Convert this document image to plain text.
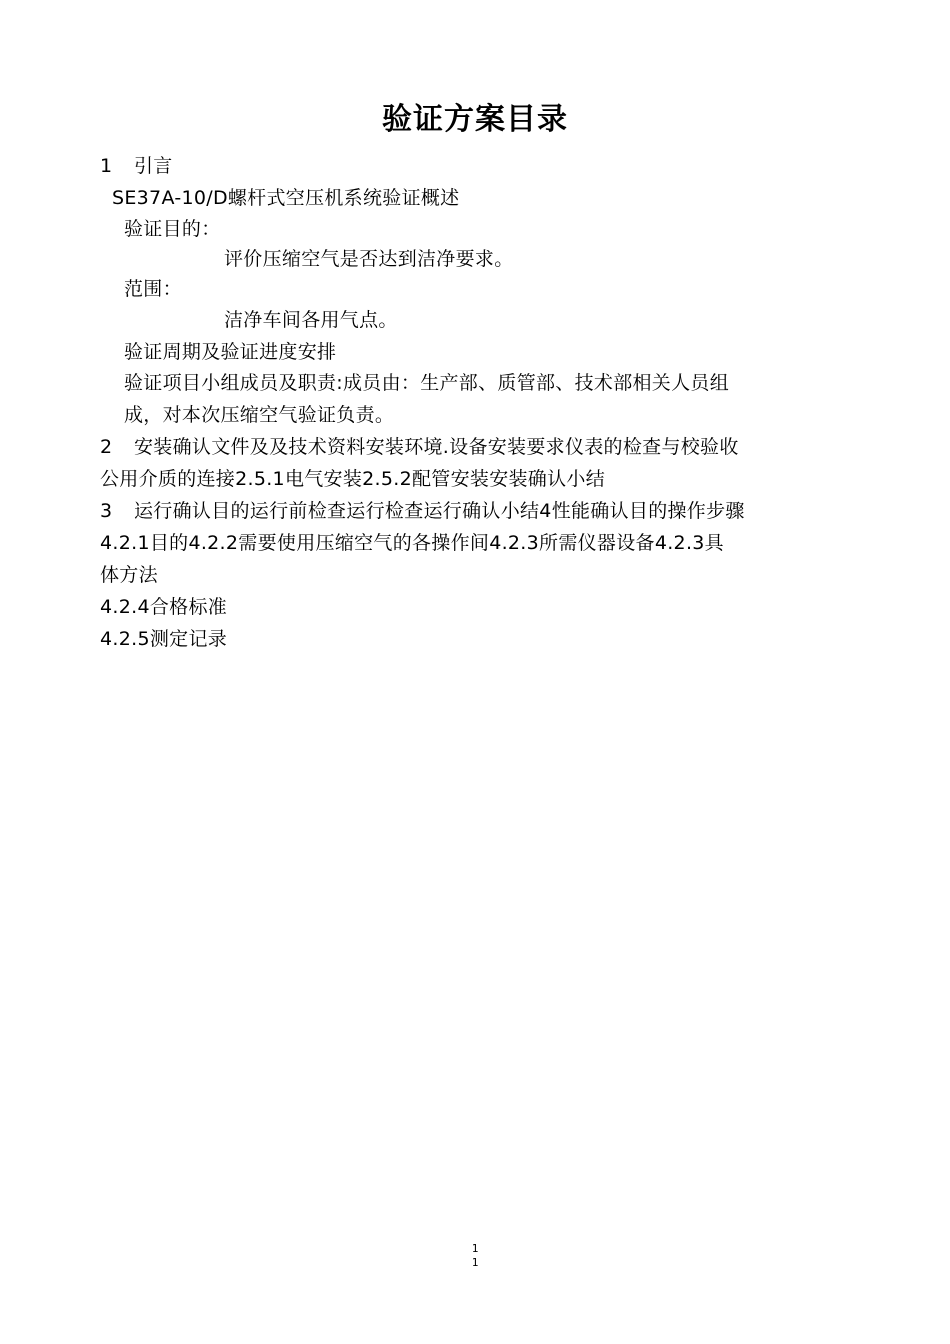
验证方案目录
1 引言
SE37A-10/D螺杆式空压机系统验证概述
验证目的：
评价压缩空气是否达到洁净要求。
范围：
洁净车间各用气点。
验证周期及验证进度安排
验证项目小组成员及职责:成员由：生产部、质管部、技术部相关人员组
成，对本次压缩空气验证负责。
2 安装确认文件及及技术资料安装环境.设备安装要求仪表的检查与校验收
公用介质的连接2.5.1电气安装2.5.2配管安装安装确认小结
3 运行确认目的运行前检查运行检查运行确认小结4性能确认目的操作步骤
4.2.1目的4.2.2需要使用压缩空气的各操作间4.2.3所需仪器设备4.2.3具
体方法
4.2.4合格标准
4.2.5测定记录
1
1
